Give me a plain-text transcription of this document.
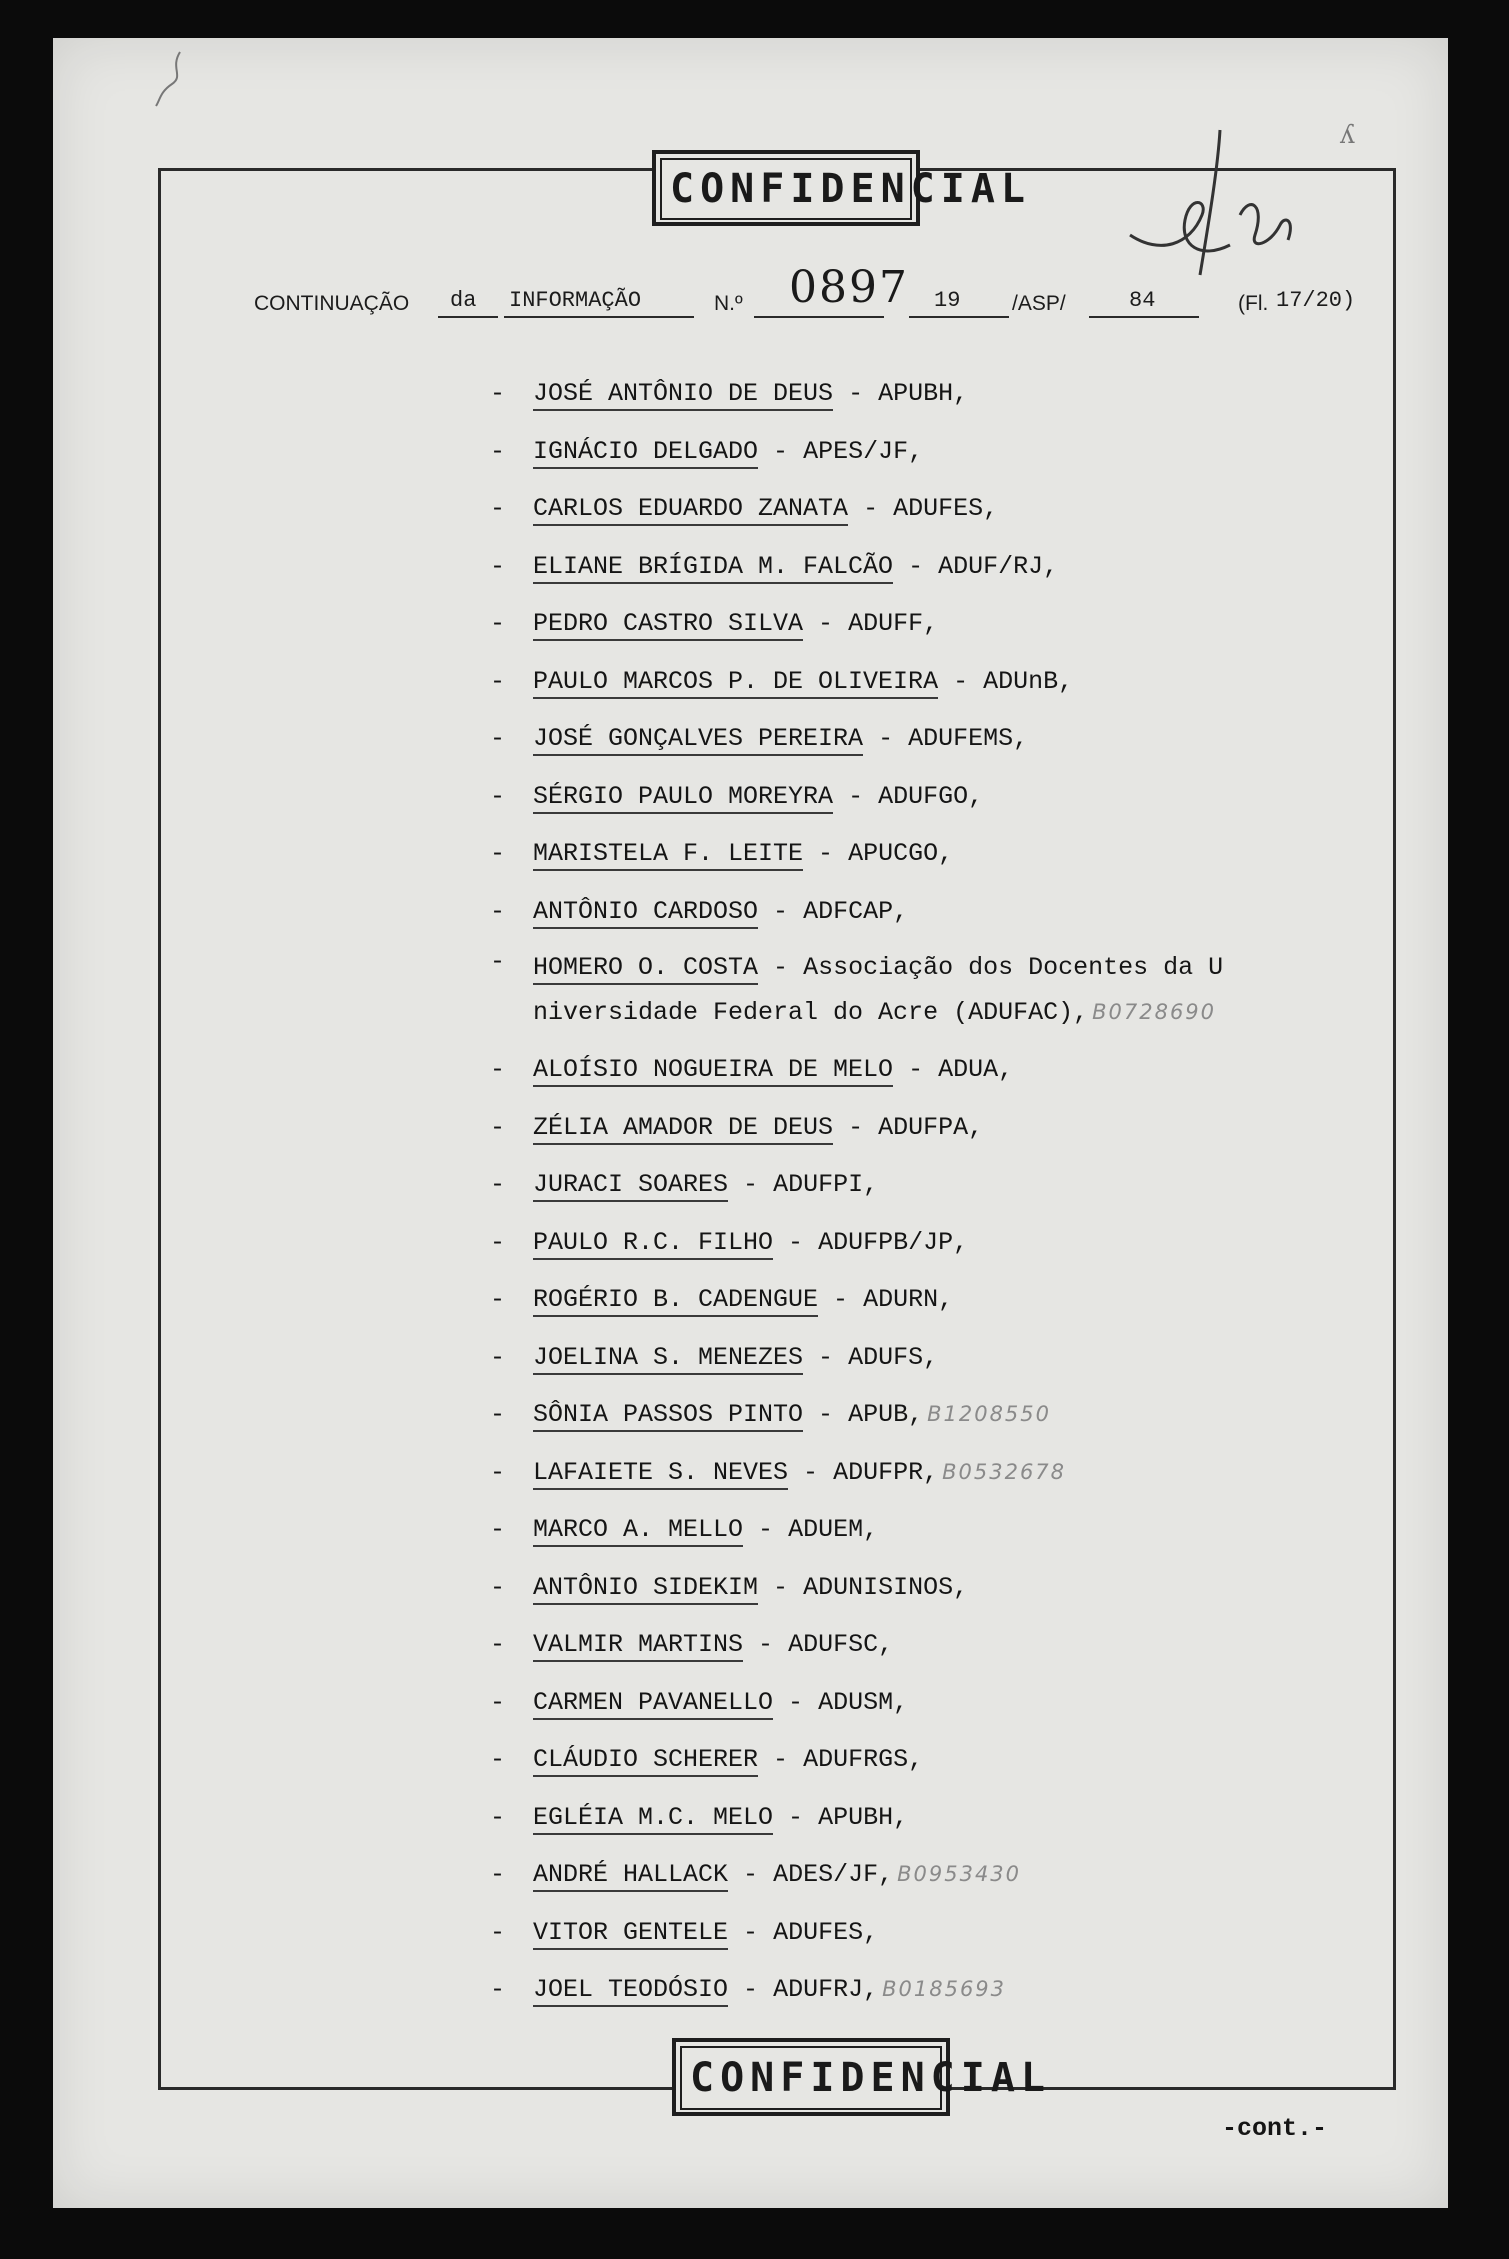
CONFIDENCIAL
ʎ
CONTINUAÇÃO da INFORMAÇÃO	N.º 0897 19 /ASP/	84	(Fl. 17/20)
- JOSÉ ANTÔNIO DE DEUS - APUBH,
- IGNÁCIO DELGADO - APES/JF,
- CARLOS EDUARDO ZANATA - ADUFES,
- ELIANE BRÍGIDA M. FALCÃO - ADUF/RJ,
- PEDRO CASTRO SILVA - ADUFF,
- PAULO MARCOS P. DE OLIVEIRA - ADUnB,
- JOSÉ GONÇALVES PEREIRA - ADUFEMS,
- SÉRGIO PAULO MOREYRA - ADUFGO,
- MARISTELA F. LEITE - APUCGO,
- ANTÔNIO CARDOSO - ADFCAP,
- HOMERO O. COSTA - Associação dos Docentes da U niversidade Federal do Acre (ADUFAC), B0728690
- ALOÍSIO NOGUEIRA DE MELO - ADUA,
- ZÉLIA AMADOR DE DEUS - ADUFPA,
- JURACI SOARES - ADUFPI,
- PAULO R.C. FILHO - ADUFPB/JP,
- ROGÉRIO B. CADENGUE - ADURN,
- JOELINA S. MENEZES - ADUFS,
- SÔNIA PASSOS PINTO - APUB, B1208550
- LAFAIETE S. NEVES - ADUFPR, B0532678
- MARCO A. MELLO - ADUEM,
- ANTÔNIO SIDEKIM - ADUNISINOS,
- VALMIR MARTINS - ADUFSC,
- CARMEN PAVANELLO - ADUSM,
- CLÁUDIO SCHERER - ADUFRGS,
- EGLÉIA M.C. MELO - APUBH,
- ANDRÉ HALLACK - ADES/JF, B0953430
- VITOR GENTELE - ADUFES,
- JOEL TEODÓSIO - ADUFRJ, B0185693
CONFIDENCIAL
-cont.-
